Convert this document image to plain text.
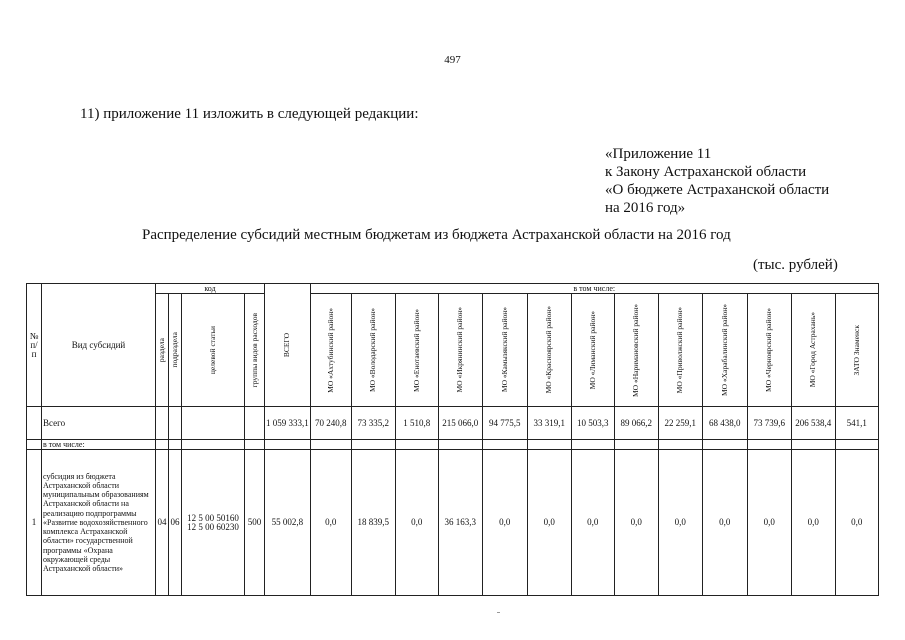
497
11) приложение 11 изложить в следующей редакции:
«Приложение 11
к Закону Астраханской области
«О бюджете Астраханской области
на 2016 год»
Распределение субсидий местным бюджетам из бюджета Астраханской области на 2016 год
(тыс. рублей)
№ п/п	Вид субсидий	код				ВСЕГО	в том числе:												

		раздела	подраздела	целевой статьи	группы видов расходов		МО «Ахтубинский район»	МО «Володарский район»	МО «Енотаевский район»	МО «Икрянинский район»	МО «Камызякский район»	МО «Красноярский район»	МО «Лиманский район»	МО «Наримановский район»	МО «Приволжский район»	МО «Харабалинский район»	МО «Черноярский район»	МО «Город Астрахань»	ЗАТО Знаменск

	Всего					1 059 333,1	70 240,8	73 335,2	1 510,8	215 066,0	94 775,5	33 319,1	10 503,3	89 066,2	22 259,1	68 438,0	73 739,6	206 538,4	541,1
	в том числе:																		
1	субсидия из бюджета Астраханской области муниципальным образованиям Астраханской области на реализацию подпрограммы «Развитие водохозяйственного комплекса Астраханской области» государственной программы «Охрана окружающей среды Астраханской области»	04	06	12 5 00 50160
12 5 00 60230	500	55 002,8	0,0	18 839,5	0,0	36 163,3	0,0	0,0	0,0	0,0	0,0	0,0	0,0	0,0	0,0
